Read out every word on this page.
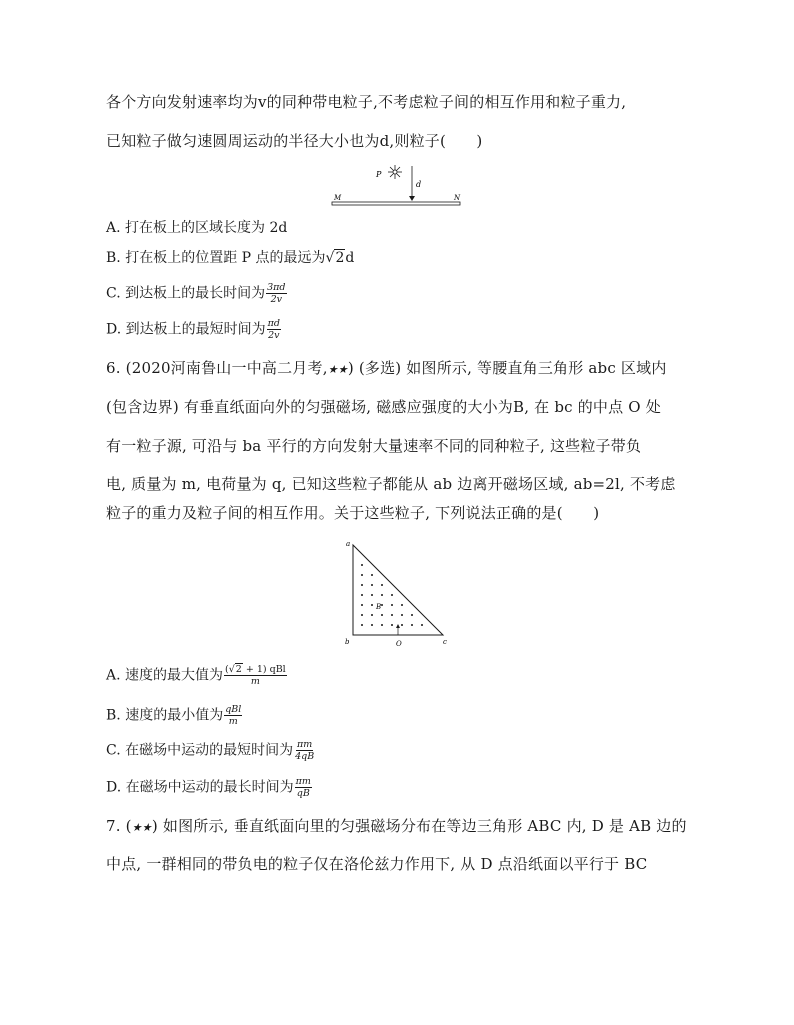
各个方向发射速率均为v的同种带电粒子,不考虑粒子间的相互作用和粒子重力,
已知粒子做匀速圆周运动的半径大小也为d,则粒子(　　)
P
d
M	N
A. 打在板上的区域长度为 2d
B. 打在板上的位置距 P 点的最远为√2d
C. 到达板上的最长时间为 $\frac{3\pi d}{2v}$
D. 到达板上的最短时间为 $\frac{\pi d}{2v}$
6. (2020河南鲁山一中高二月考,★★) (多选) 如图所示, 等腰直角三角形 abc 区域内
(包含边界) 有垂直纸面向外的匀强磁场, 磁感应强度的大小为B, 在 bc 的中点 O 处
有一粒子源, 可沿与 ba 平行的方向发射大量速率不同的同种粒子, 这些粒子带负
电, 质量为 m, 电荷量为 q, 已知这些粒子都能从 ab 边离开磁场区域, ab=2l, 不考虑
粒子的重力及粒子间的相互作用。关于这些粒子, 下列说法正确的是(　　)
a
b	c
O
B
A. 速度的最大值为 $\frac{\text{(√2 + 1) qBl}}{m}$
B. 速度的最小值为 $\frac{\text{qBl}}{m}$
C. 在磁场中运动的最短时间为 $\frac{\pi m}{4qB}$
D. 在磁场中运动的最长时间为 $\frac{\pi m}{qB}$
7. (★★) 如图所示, 垂直纸面向里的匀强磁场分布在等边三角形 ABC 内, D 是 AB 边的
中点, 一群相同的带负电的粒子仅在洛伦兹力作用下, 从 D 点沿纸面以平行于 BC
